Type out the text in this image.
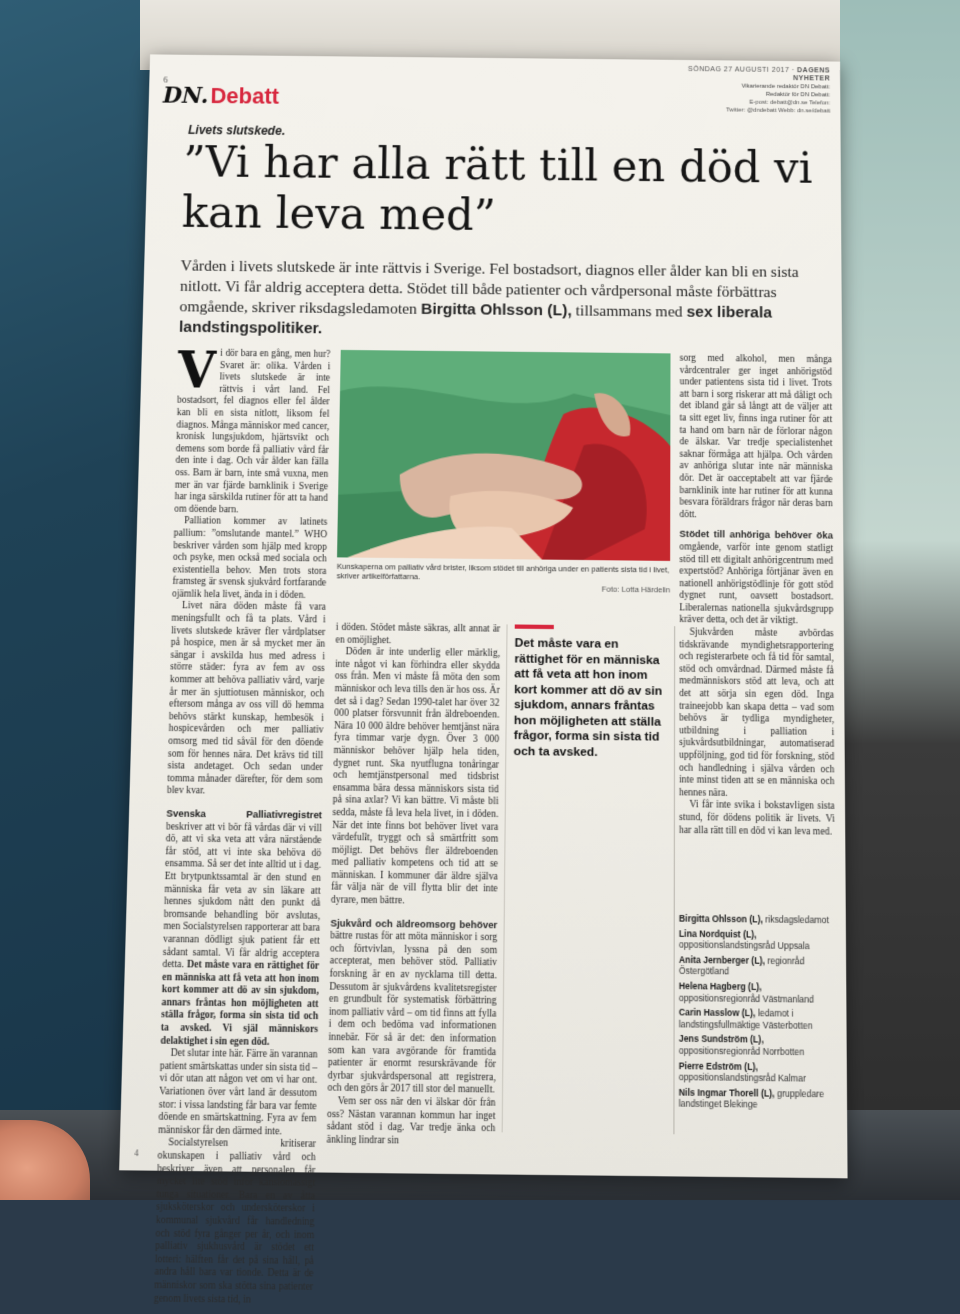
6
DN. Debatt
SÖNDAG 27 AUGUSTI 2017 · DAGENS NYHETER
Vikarierande redaktör DN Debatt:
Redaktör för DN Debatt:
E-post: debatt@dn.se Telefon:
Twitter: @dndebatt Webb: dn.se/debatt
Livets slutskede.
”Vi har alla rätt till en död vi kan leva med”

Vården i livets slutskede är inte rättvis i Sverige. Fel bostadsort, diagnos eller ålder kan bli en sista nitlott. Vi får aldrig acceptera detta. Stödet till både patienter och vårdpersonal måste förbättras omgående, skriver riksdagsledamoten Birgitta Ohlsson (L), tillsammans med sex liberala landstingspolitiker.

Vi dör bara en gång, men hur? Svaret är: olika. Vården i livets slutskede är inte rättvis i vårt land. Fel bostadsort, fel diagnos eller fel ålder kan bli en sista nitlott, liksom fel diagnos. Många människor med cancer, kronisk lungsjukdom, hjärtsvikt och demens som borde få palliativ vård får den inte i dag. Och vår ålder kan fälla oss. Barn är barn, inte små vuxna, men mer än var fjärde barnklinik i Sverige har inga särskilda rutiner för att ta hand om döende barn.

Palliation kommer av latinets pallium: ”omslutande mantel.” WHO beskriver vården som hjälp med kropp och psyke, men också med sociala och existentiella behov. Men trots stora framsteg är svensk sjukvård fortfarande ojämlik hela livet, ända in i döden.

Livet nära döden måste få vara meningsfullt och få ta plats. Vård i livets slutskede kräver fler vårdplatser på hospice, men är så mycket mer än sängar i avskilda hus med adress i större städer: fyra av fem av oss kommer att behöva palliativ vård, varje år mer än sjuttiotusen människor, och eftersom många av oss vill dö hemma behövs stärkt kunskap, hembesök i hospicevården och mer palliativ omsorg med tid såväl för den döende som för hennes nära. Det krävs tid till sista andetaget. Och sedan under tomma månader därefter, för dem som blev kvar.

Svenska Palliativregistret beskriver att vi bör få vårdas där vi vill dö, att vi ska veta att våra närstående får stöd, att vi inte ska behöva dö ensamma. Så ser det inte alltid ut i dag. Ett brytpunktssamtal är den stund en människa får veta av sin läkare att hennes sjukdom nått den punkt då bromsande behandling bör avslutas, men Socialstyrelsen rapporterar att bara varannan dödligt sjuk patient får ett sådant samtal. Vi får aldrig acceptera detta. Det måste vara en rättighet för en människa att få veta att hon inom kort kommer att dö av sin sjukdom, annars fråntas hon möjligheten att ställa frågor, forma sin sista tid och ta avsked. Vi själ människors delaktighet i sin egen död.

Det slutar inte här. Färre än varannan patient smärtskattas under sin sista tid – vi dör utan att någon vet om vi har ont. Variationen över vårt land är dessutom stor: i vissa landsting får bara var femte döende en smärtskattning. Fyra av fem människor får den därmed inte.

Socialstyrelsen kritiserar okunskapen i palliativ vård och beskriver även att personalen får mycket lite stöd inför känslomässigt tunga situationer. Bara en av åtta sjuksköterskor och undersköterskor i kommunal sjukvård får handledning och stöd fyra gånger per år, och inom palliativ sjukhusvård är stödet ett lotteri: hälften får det på sina håll, på andra håll bara var tionde. Detta är de människor som ska stötta sina patienter genom livets sista tid, in

Kunskaperna om palliativ vård brister, liksom stödet till anhöriga under en patients sista tid i livet, skriver artikelförfattarna.
Foto: Lotta Härdelin

i döden. Stödet måste säkras, allt annat är en omöjlighet.

Döden är inte underlig eller märklig, inte något vi kan förhindra eller skydda oss från. Men vi måste få möta den som människor och leva tills den är hos oss. Är det så i dag? Sedan 1990-talet har över 32 000 platser försvunnit från äldreboenden. Nära 10 000 äldre behöver hemtjänst nära fyra timmar varje dygn. Över 3 000 människor behöver hjälp hela tiden, dygnet runt. Ska nyutflugna tonåringar och hemtjänstpersonal med tidsbrist ensamma bära dessa människors sista tid på sina axlar? Vi kan bättre. Vi måste bli sedda, måste få leva hela livet, in i döden. När det inte finns bot behöver livet vara värdefullt, tryggt och så smärtfritt som möjligt. Det behövs fler äldreboenden med palliativ kompetens och tid att se människan. I kommuner där äldre själva får välja när de vill flytta blir det inte dyrare, men bättre.

Sjukvård och äldreomsorg behöver bättre rustas för att möta människor i sorg och förtvivlan, lyssna på den som accepterat, men behöver stöd. Palliativ forskning är en av nycklarna till detta. Dessutom är sjukvårdens kvalitetsregister en grundbult för systematisk förbättring inom palliativ vård – om tid finns att fylla i dem och bedöma vad informationen innebär. För så är det: den information som kan vara avgörande för framtida patienter är enormt resurskrävande för dyrbar sjukvårdspersonal att registrera, och den görs år 2017 till stor del manuellt.

Vem ser oss när den vi älskar dör från oss? Nästan varannan kommun har inget sådant stöd i dag. Var tredje änka och änkling lindrar sin

Det måste vara en rättighet för en människa att få veta att hon inom kort kommer att dö av sin sjukdom, annars fråntas hon möjligheten att ställa frågor, forma sin sista tid och ta avsked.

sorg med alkohol, men många vårdcentraler ger inget anhörigstöd under patientens sista tid i livet. Trots att barn i sorg riskerar att må dåligt och det ibland går så långt att de väljer att ta sitt eget liv, finns inga rutiner för att ta hand om barn när de förlorar någon de älskar. Var tredje specialistenhet saknar förmåga att hjälpa. Och vården av anhöriga slutar inte när människa dör. Det är oacceptabelt att var fjärde barnklinik inte har rutiner för att kunna besvara föräldrars frågor när deras barn dött.

Stödet till anhöriga behöver öka omgående, varför inte genom statligt stöd till ett digitalt anhörigcentrum med expertstöd? Anhöriga förtjänar även en nationell anhörigstödlinje för gott stöd dygnet runt, oavsett bostadsort. Liberalernas nationella sjukvårdsgrupp kräver detta, och det är viktigt.

Sjukvården måste avbördas tidskrävande myndighetsrapportering och registerarbete och få tid för samtal, stöd och omvårdnad. Därmed måste få medmänniskors stöd att leva, och att det att sörja sin egen död. Inga traineejobb kan skapa detta – vad som behövs är tydliga myndigheter, utbildning i palliation i sjukvårdsutbildningar, automatiserad uppföljning, god tid för forskning, stöd och handledning i själva vården och inte minst tiden att se en människa och hennes nära.

Vi får inte svika i bokstavligen sista stund, för dödens politik är livets. Vi har alla rätt till en död vi kan leva med.

Birgitta Ohlsson (L), riksdagsledamot
Lina Nordquist (L), oppositionslandstingsråd Uppsala
Anita Jernberger (L), regionråd Östergötland
Helena Hagberg (L), oppositionsregionråd Västmanland
Carin Hasslow (L), ledamot i landstingsfullmäktige Västerbotten
Jens Sundström (L), oppositionsregionråd Norrbotten
Pierre Edström (L), oppositionslandstingsråd Kalmar
Nils Ingmar Thorell (L), gruppledare landstinget Blekinge
4
